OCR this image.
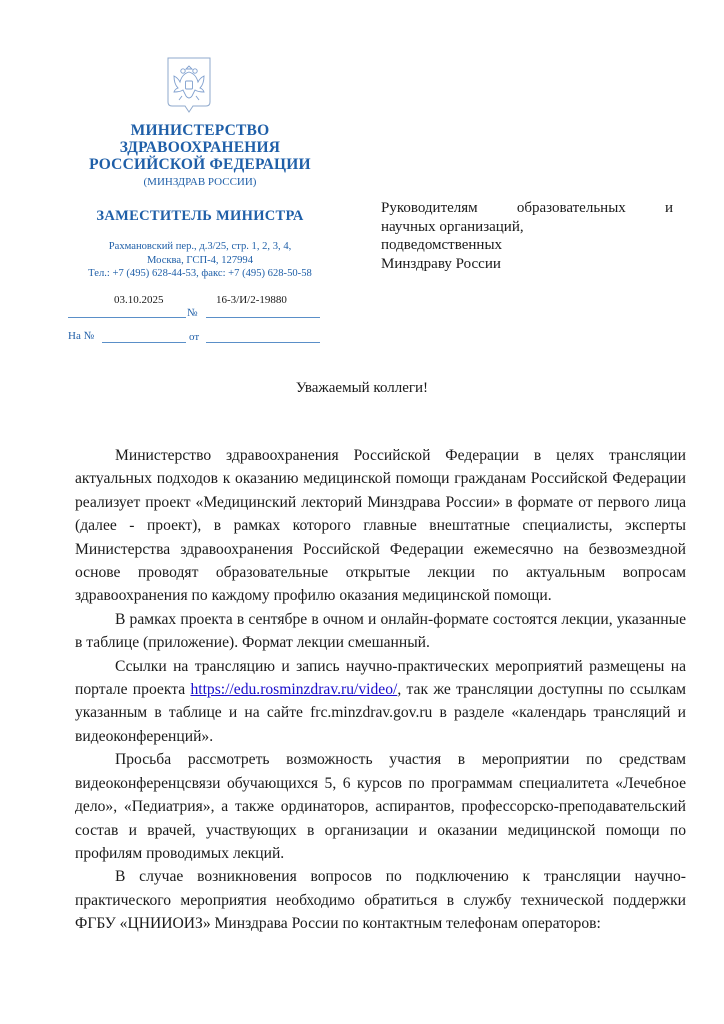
МИНИСТЕРСТВО
ЗДРАВООХРАНЕНИЯ
РОССИЙСКОЙ ФЕДЕРАЦИИ
(МИНЗДРАВ РОССИИ)
ЗАМЕСТИТЕЛЬ МИНИСТРА
Рахмановский пер., д.3/25, стр. 1, 2, 3, 4,
Москва, ГСП-4, 127994
Тел.: +7 (495) 628-44-53, факс: +7 (495) 628-50-58
03.10.2025	16-3/И/2-19880
№
На №	от
Руководителям	образовательных	и
научных организаций,
подведомственных
Минздраву России
Уважаемый коллеги!

Министерство здравоохранения Российской Федерации в целях трансляции актуальных подходов к оказанию медицинской помощи гражданам Российской Федерации реализует проект «Медицинский лекторий Минздрава России» в формате от первого лица (далее - проект), в рамках которого главные внештатные специалисты, эксперты Министерства здравоохранения Российской Федерации ежемесячно на безвозмездной основе проводят образовательные открытые лекции по актуальным вопросам здравоохранения по каждому профилю оказания медицинской помощи.

В рамках проекта в сентябре в очном и онлайн-формате состоятся лекции, указанные в таблице (приложение). Формат лекции смешанный.

Ссылки на трансляцию и запись научно-практических мероприятий размещены на портале проекта https://edu.rosminzdrav.ru/video/, так же трансляции доступны по ссылкам указанным в таблице и на сайте frc.minzdrav.gov.ru в разделе «календарь трансляций и видеоконференций».

Просьба рассмотреть возможность участия в мероприятии по средствам видеоконференцсвязи обучающихся 5, 6 курсов по программам специалитета «Лечебное дело», «Педиатрия», а также ординаторов, аспирантов, профессорско-преподавательский состав и врачей, участвующих в организации и оказании медицинской помощи по профилям проводимых лекций.

В случае возникновения вопросов по подключению к трансляции научно-практического мероприятия необходимо обратиться в службу технической поддержки ФГБУ «ЦНИИОИЗ» Минздрава России по контактным телефонам операторов:
